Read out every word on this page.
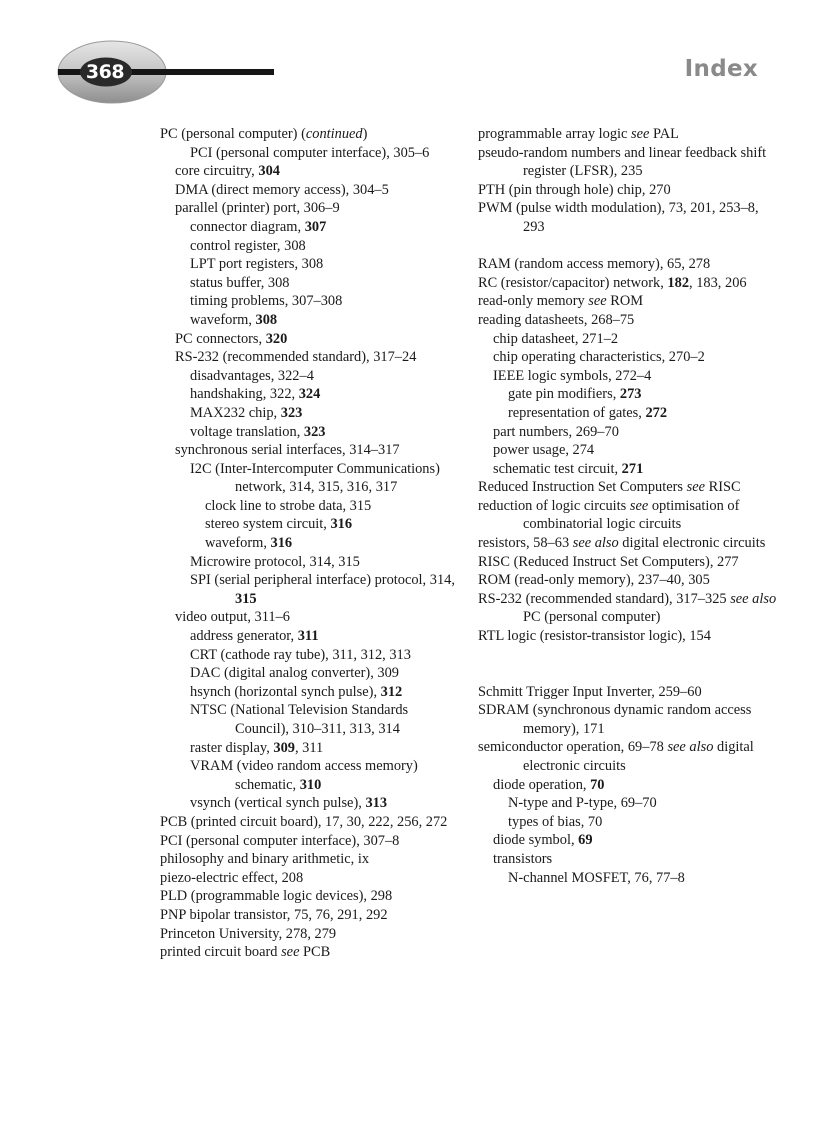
368	Index

PC (personal computer) (continued)

PCI (personal computer interface), 305–6

core circuitry, 304

DMA (direct memory access), 304–5

parallel (printer) port, 306–9

connector diagram, 307

control register, 308

LPT port registers, 308

status buffer, 308

timing problems, 307–308

waveform, 308

PC connectors, 320

RS-232 (recommended standard), 317–24

disadvantages, 322–4

handshaking, 322, 324

MAX232 chip, 323

voltage translation, 323

synchronous serial interfaces, 314–317

I2C (Inter-Intercomputer Communications) network, 314, 315, 316, 317

clock line to strobe data, 315

stereo system circuit, 316

waveform, 316

Microwire protocol, 314, 315

SPI (serial peripheral interface) protocol, 314, 315

video output, 311–6

address generator, 311

CRT (cathode ray tube), 311, 312, 313

DAC (digital analog converter), 309

hsynch (horizontal synch pulse), 312

NTSC (National Television Standards Council), 310–311, 313, 314

raster display, 309, 311

VRAM (video random access memory) schematic, 310

vsynch (vertical synch pulse), 313

PCB (printed circuit board), 17, 30, 222, 256, 272

PCI (personal computer interface), 307–8

philosophy and binary arithmetic, ix

piezo-electric effect, 208

PLD (programmable logic devices), 298

PNP bipolar transistor, 75, 76, 291, 292

Princeton University, 278, 279

printed circuit board see PCB

programmable array logic see PAL

pseudo-random numbers and linear feedback shift register (LFSR), 235

PTH (pin through hole) chip, 270

PWM (pulse width modulation), 73, 201, 253–8, 293

RAM (random access memory), 65, 278

RC (resistor/capacitor) network, 182, 183, 206

read-only memory see ROM

reading datasheets, 268–75

chip datasheet, 271–2

chip operating characteristics, 270–2

IEEE logic symbols, 272–4

gate pin modifiers, 273

representation of gates, 272

part numbers, 269–70

power usage, 274

schematic test circuit, 271

Reduced Instruction Set Computers see RISC

reduction of logic circuits see optimisation of combinatorial logic circuits

resistors, 58–63 see also digital electronic circuits

RISC (Reduced Instruct Set Computers), 277

ROM (read-only memory), 237–40, 305

RS-232 (recommended standard), 317–325 see also PC (personal computer)

RTL logic (resistor-transistor logic), 154

Schmitt Trigger Input Inverter, 259–60

SDRAM (synchronous dynamic random access memory), 171

semiconductor operation, 69–78 see also digital electronic circuits

diode operation, 70

N-type and P-type, 69–70

types of bias, 70

diode symbol, 69

transistors

N-channel MOSFET, 76, 77–8
